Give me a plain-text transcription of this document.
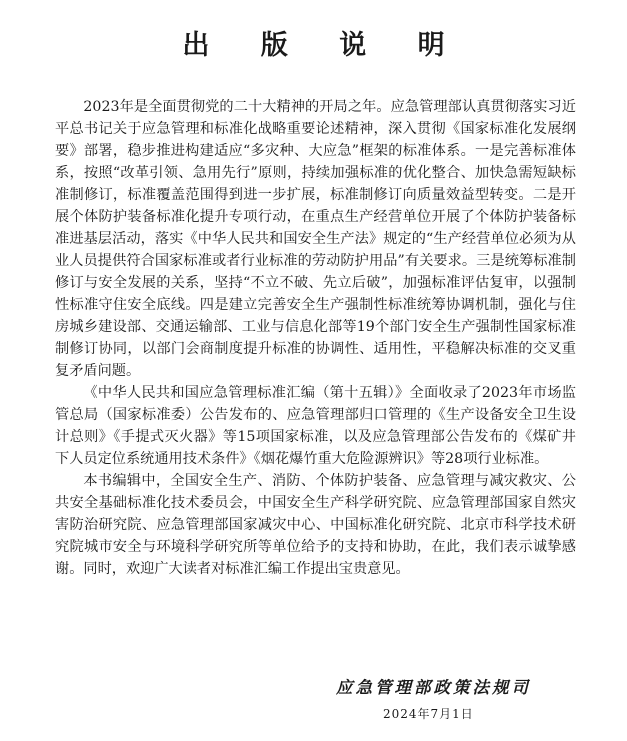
出 版 说 明

2023年是全面贯彻党的二十大精神的开局之年。应急管理部认真贯彻落实习近平总书记关于应急管理和标准化战略重要论述精神，深入贯彻《国家标准化发展纲要》部署，稳步推进构建适应“多灾种、大应急”框架的标准体系。一是完善标准体系，按照“改革引领、急用先行”原则，持续加强标准的优化整合、加快急需短缺标准制修订，标准覆盖范围得到进一步扩展，标准制修订向质量效益型转变。二是开展个体防护装备标准化提升专项行动，在重点生产经营单位开展了个体防护装备标准进基层活动，落实《中华人民共和国安全生产法》规定的“生产经营单位必须为从业人员提供符合国家标准或者行业标准的劳动防护用品”有关要求。三是统筹标准制修订与安全发展的关系，坚持“不立不破、先立后破”，加强标准评估复审，以强制性标准守住安全底线。四是建立完善安全生产强制性标准统筹协调机制，强化与住房城乡建设部、交通运输部、工业与信息化部等19个部门安全生产强制性国家标准制修订协同，以部门会商制度提升标准的协调性、适用性，平稳解决标准的交叉重复矛盾问题。

《中华人民共和国应急管理标准汇编（第十五辑）》全面收录了2023年市场监管总局（国家标准委）公告发布的、应急管理部归口管理的《生产设备安全卫生设计总则》《手提式灭火器》等15项国家标准，以及应急管理部公告发布的《煤矿井下人员定位系统通用技术条件》《烟花爆竹重大危险源辨识》等28项行业标准。

本书编辑中，全国安全生产、消防、个体防护装备、应急管理与减灾救灾、公共安全基础标准化技术委员会，中国安全生产科学研究院、应急管理部国家自然灾害防治研究院、应急管理部国家减灾中心、中国标准化研究院、北京市科学技术研究院城市安全与环境科学研究所等单位给予的支持和协助，在此，我们表示诚挚感谢。同时，欢迎广大读者对标准汇编工作提出宝贵意见。

应急管理部政策法规司
2024年7月1日
